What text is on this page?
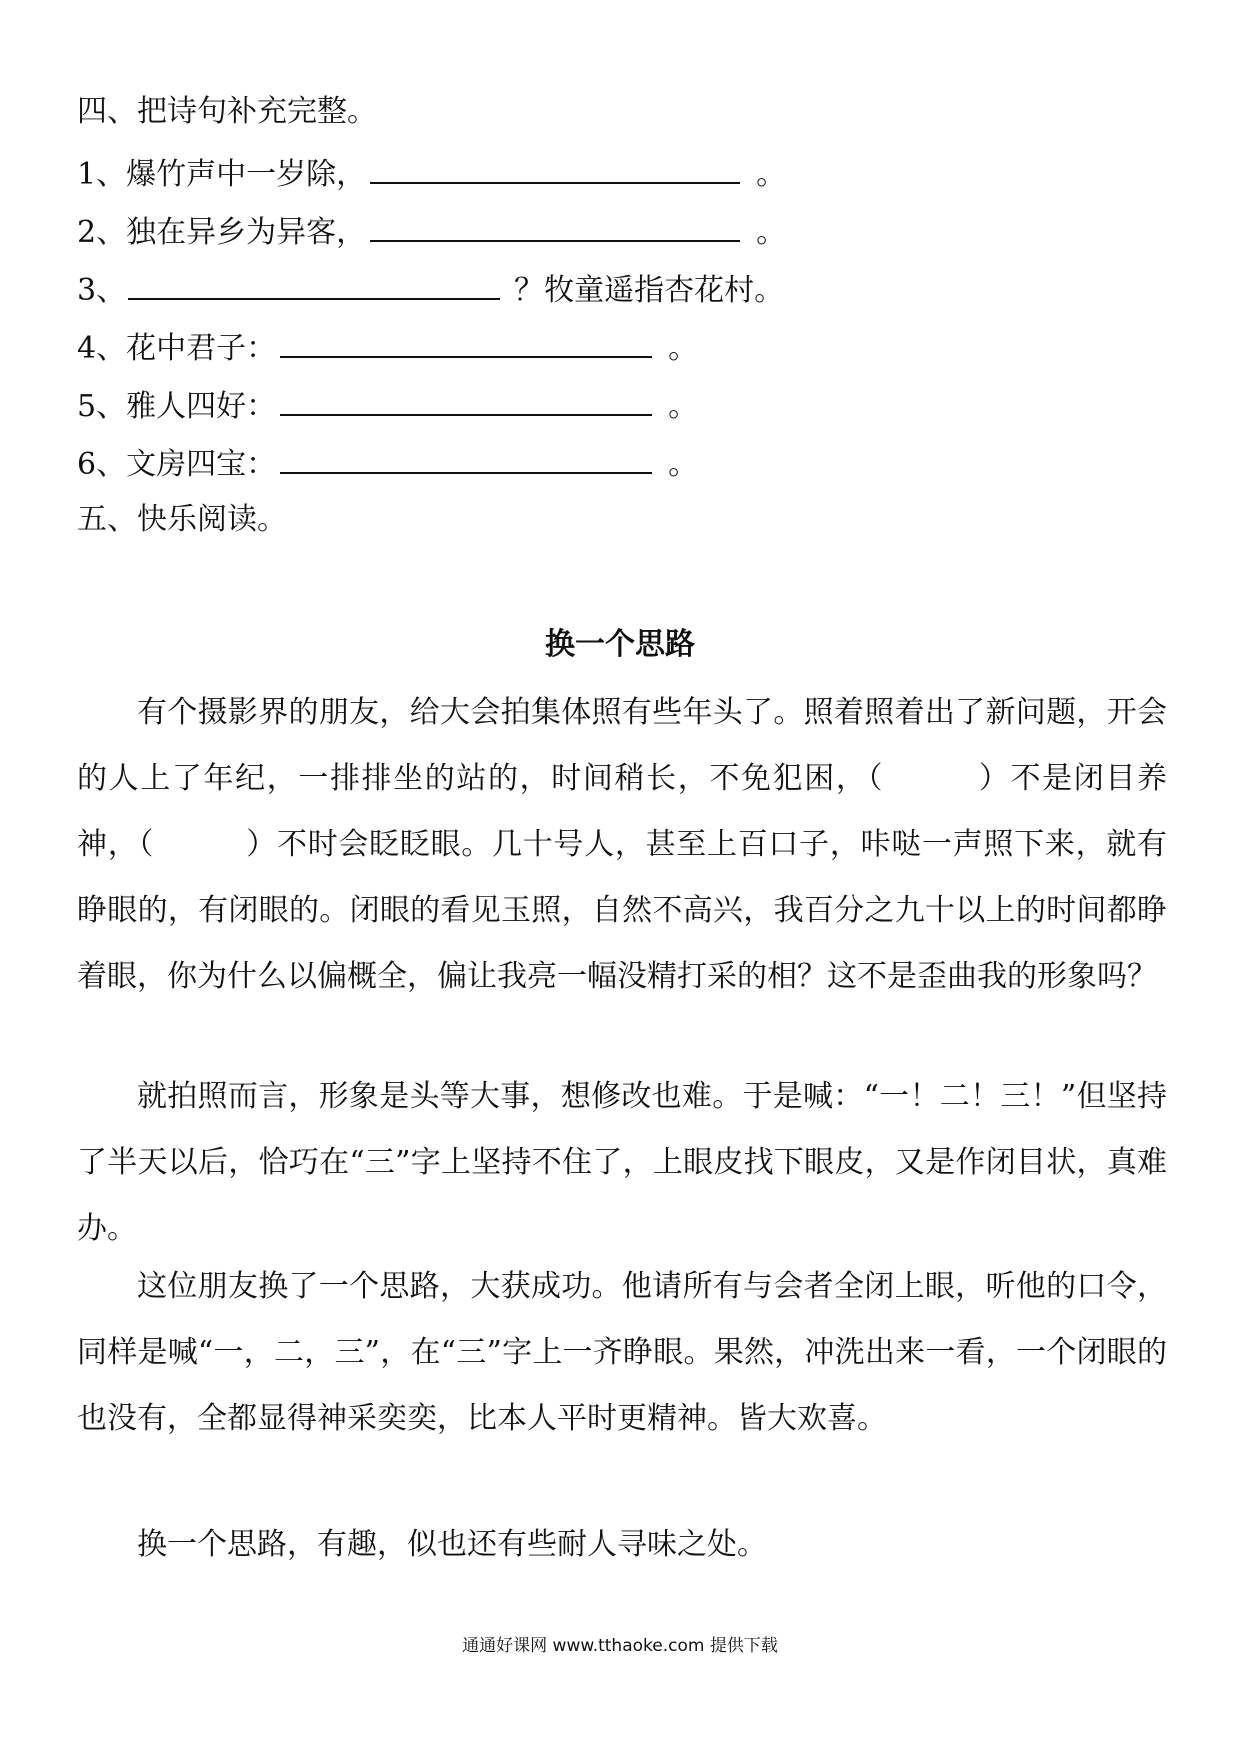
四、把诗句补充完整。
1、爆竹声中一岁除，	。
2、独在异乡为异客，	。
3、	？牧童遥指杏花村。
4、花中君子：	。
5、雅人四好：	。
6、文房四宝：	。
五、快乐阅读。
换一个思路
有个摄影界的朋友，给大会拍集体照有些年头了。照着照着出了新问题，开会的人上了年纪，一排排坐的站的，时间稍长，不免犯困，（　　　）不是闭目养神，（　　　）不时会眨眨眼。几十号人，甚至上百口子，咔哒一声照下来，就有睁眼的，有闭眼的。闭眼的看见玉照，自然不高兴，我百分之九十以上的时间都睁着眼，你为什么以偏概全，偏让我亮一幅没精打采的相？这不是歪曲我的形象吗？
就拍照而言，形象是头等大事，想修改也难。于是喊：“一！二！三！”但坚持了半天以后，恰巧在“三”字上坚持不住了，上眼皮找下眼皮，又是作闭目状，真难办。
这位朋友换了一个思路，大获成功。他请所有与会者全闭上眼，听他的口令，同样是喊“一，二，三”，在“三”字上一齐睁眼。果然，冲洗出来一看，一个闭眼的也没有，全都显得神采奕奕，比本人平时更精神。皆大欢喜。
换一个思路，有趣，似也还有些耐人寻味之处。
通通好课网 www.tthaoke.com 提供下载
